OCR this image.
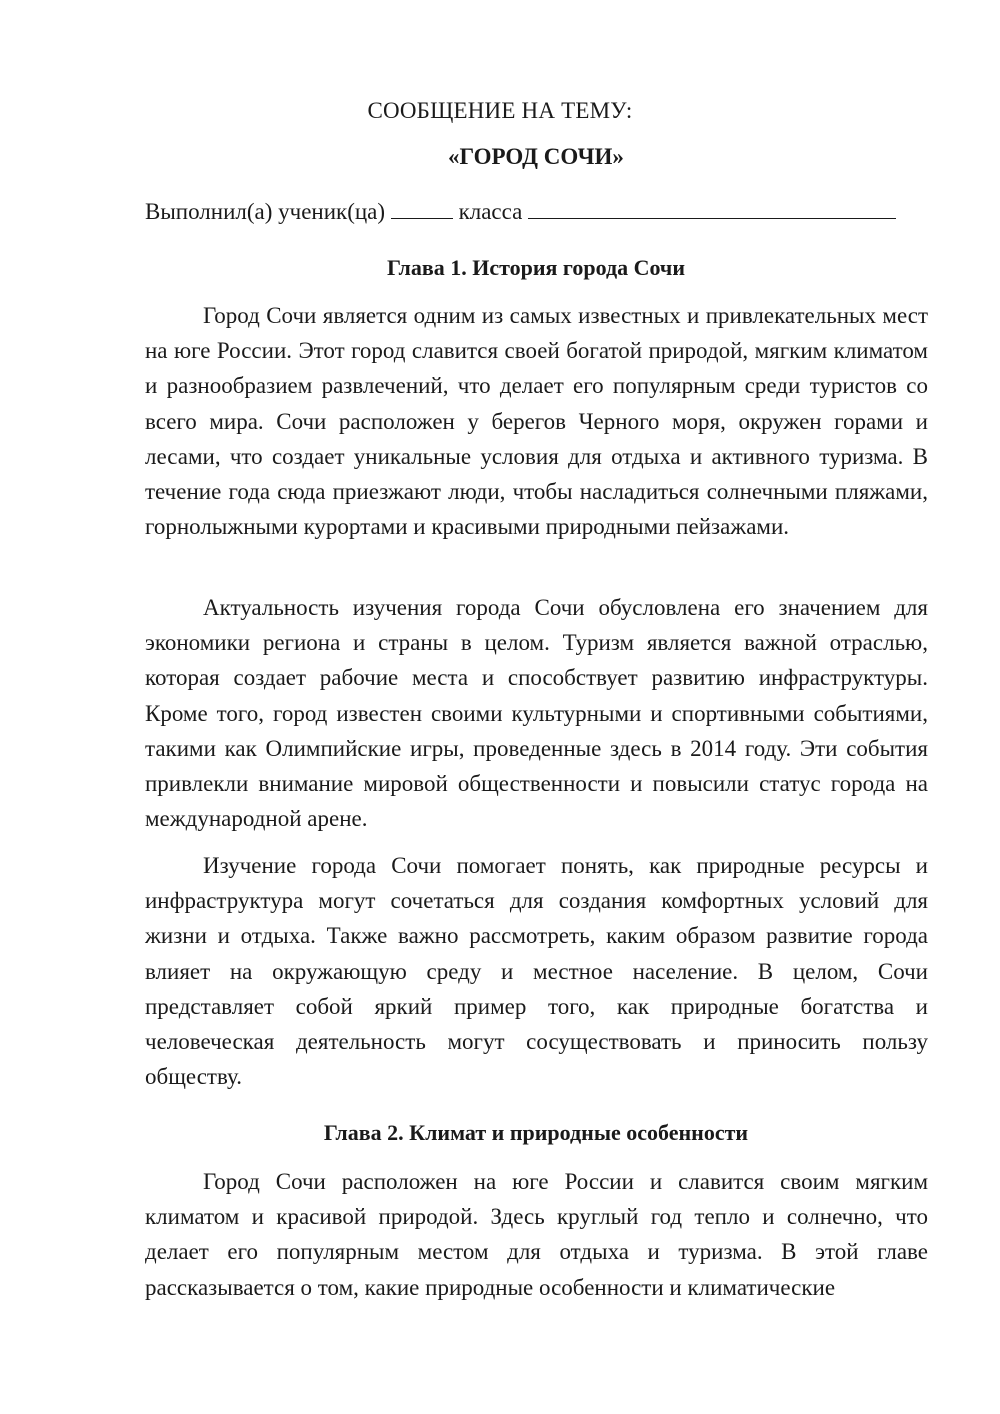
СООБЩЕНИЕ НА ТЕМУ:
«ГОРОД СОЧИ»
Выполнил(а) ученик(ца)	класса
Глава 1. История города Сочи

Город Сочи является одним из самых известных и привлекательных мест на юге России. Этот город славится своей богатой природой, мягким климатом и разнообразием развлечений, что делает его популярным среди туристов со всего мира. Сочи расположен у берегов Черного моря, окружен горами и лесами, что создает уникальные условия для отдыха и активного туризма. В течение года сюда приезжают люди, чтобы насладиться солнечными пляжами, горнолыжными курортами и красивыми природными пейзажами.

Актуальность изучения города Сочи обусловлена его значением для экономики региона и страны в целом. Туризм является важной отраслью, которая создает рабочие места и способствует развитию инфраструктуры. Кроме того, город известен своими культурными и спортивными событиями, такими как Олимпийские игры, проведенные здесь в 2014 году. Эти события привлекли внимание мировой общественности и повысили статус города на международной арене.

Изучение города Сочи помогает понять, как природные ресурсы и инфраструктура могут сочетаться для создания комфортных условий для жизни и отдыха. Также важно рассмотреть, каким образом развитие города влияет на окружающую среду и местное население. В целом, Сочи представляет собой яркий пример того, как природные богатства и человеческая деятельность могут сосуществовать и приносить пользу обществу.

Глава 2. Климат и природные особенности

Город Сочи расположен на юге России и славится своим мягким климатом и красивой природой. Здесь круглый год тепло и солнечно, что делает его популярным местом для отдыха и туризма. В этой главе рассказывается о том, какие природные особенности и климатические
